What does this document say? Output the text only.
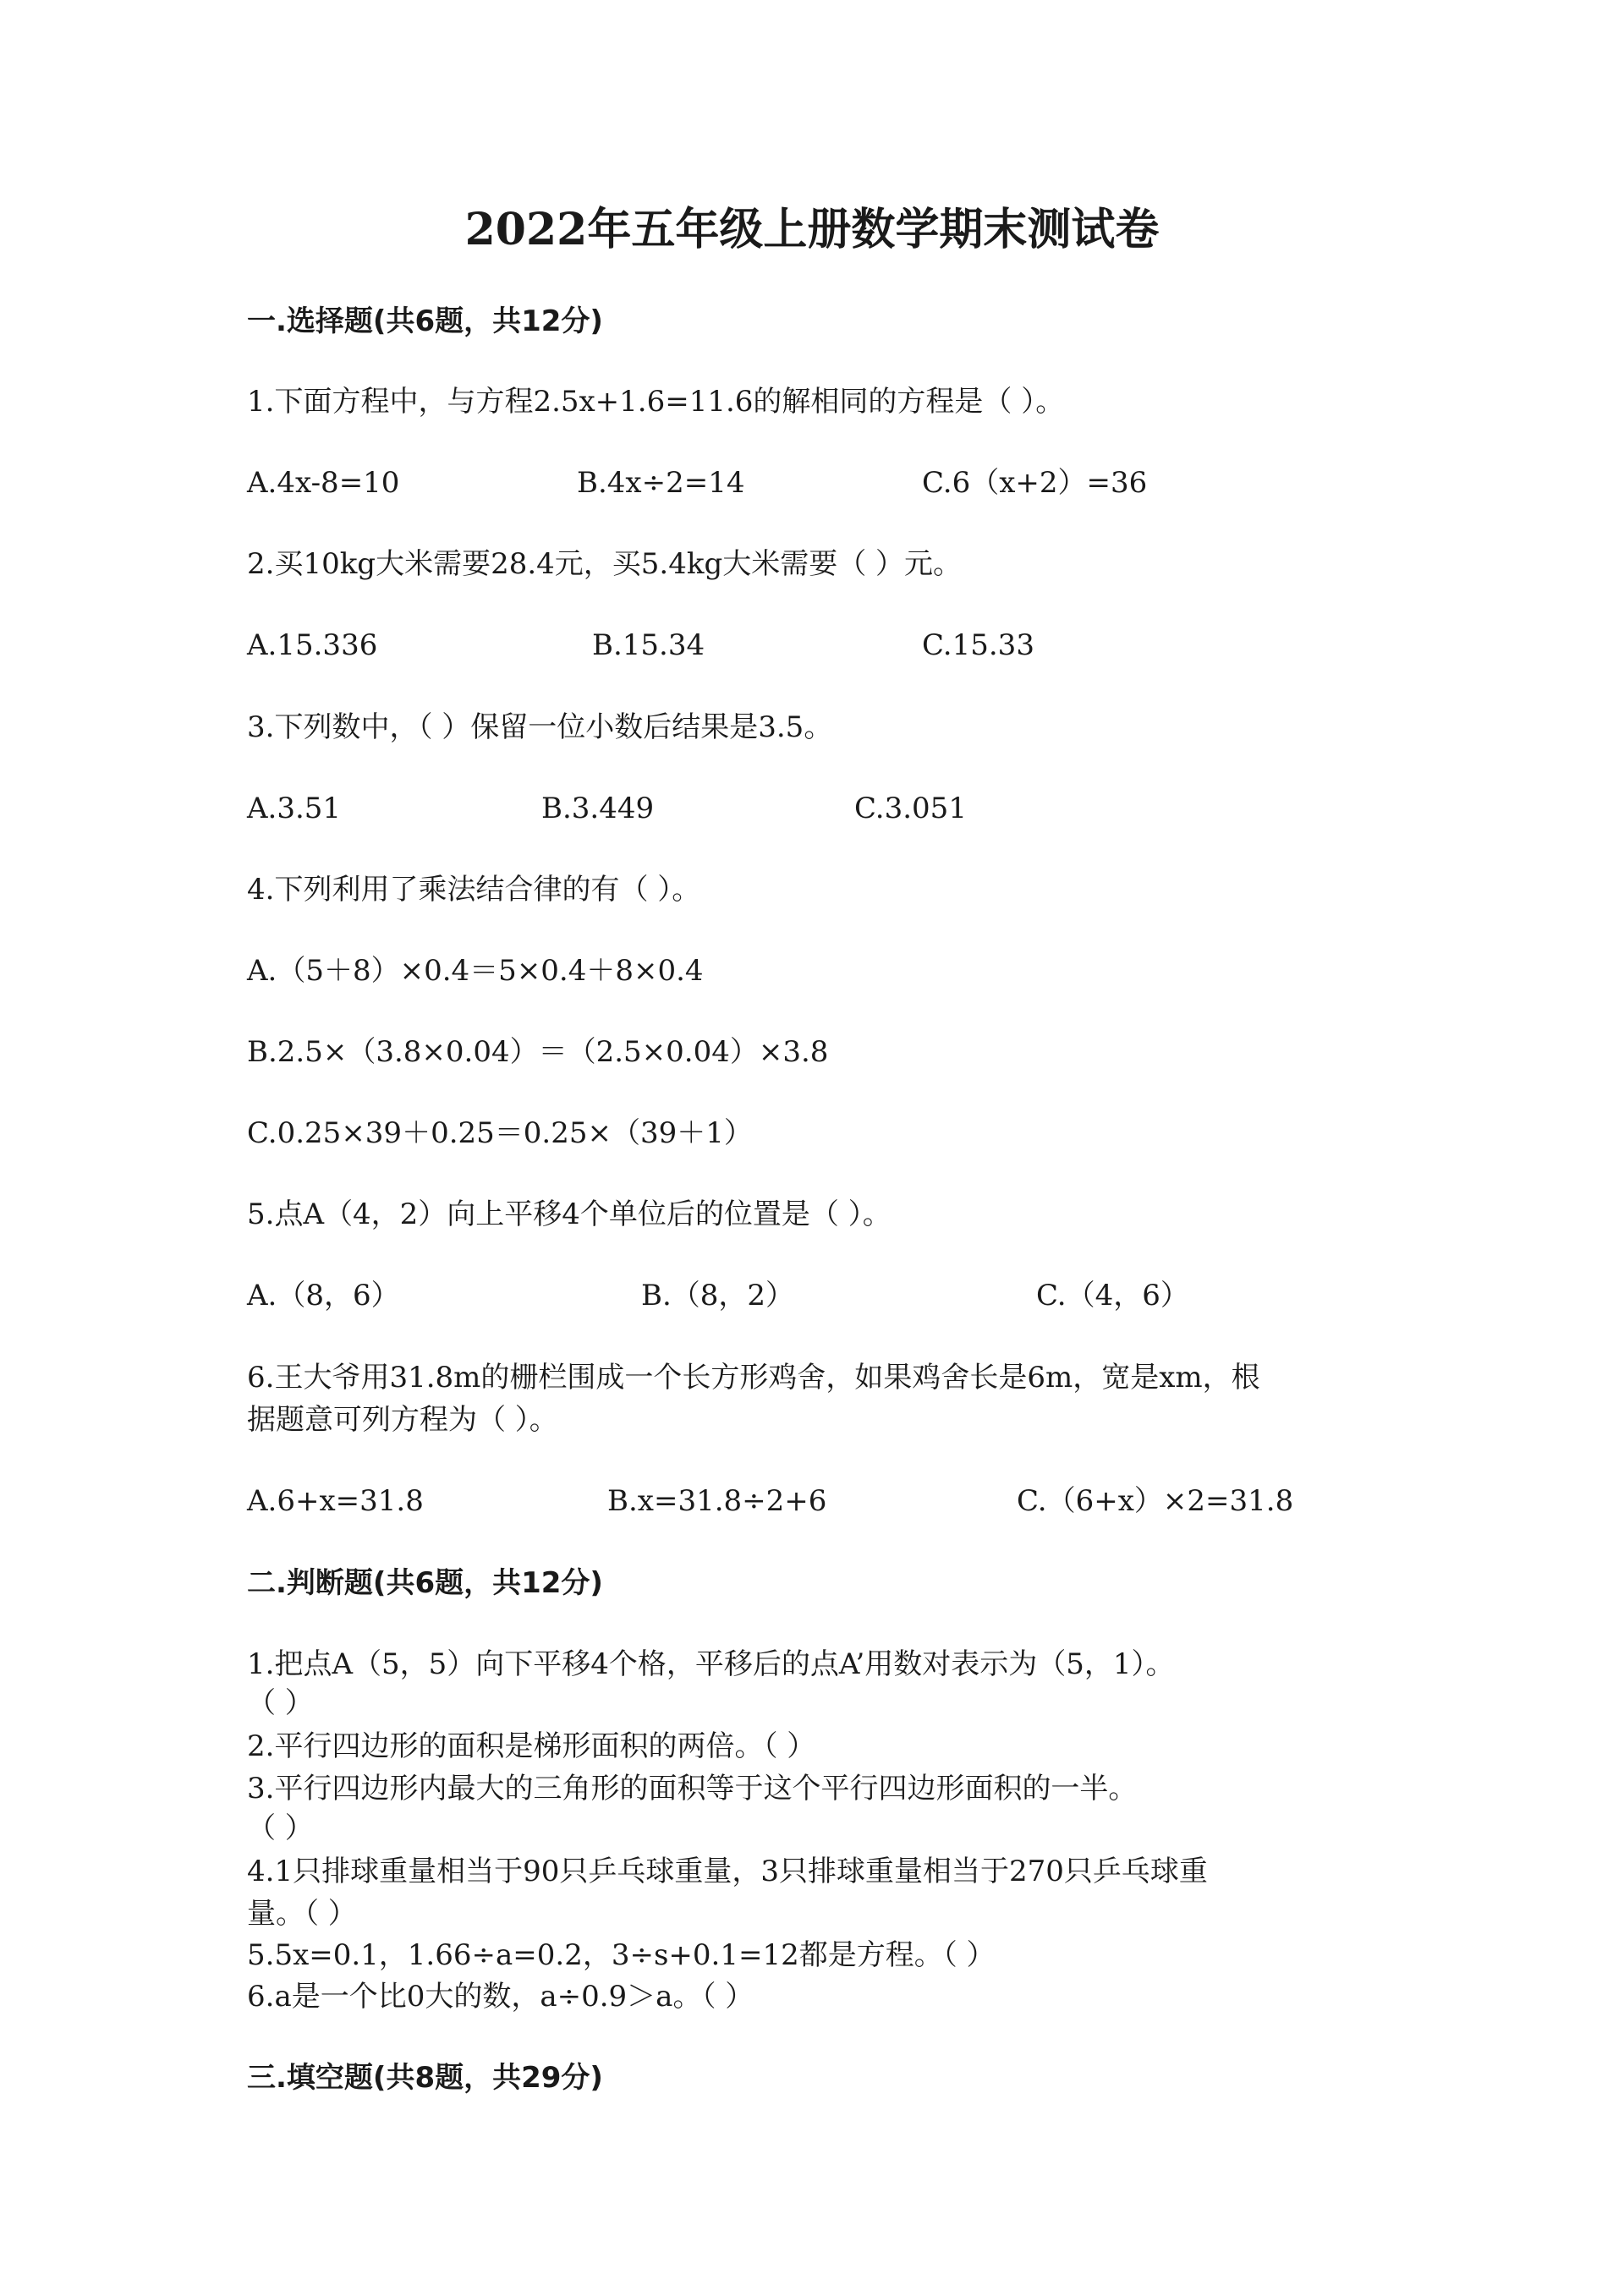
2022年五年级上册数学期末测试卷
一.选择题(共6题，共12分)
1.下面方程中，与方程2.5x+1.6=11.6的解相同的方程是（ ）。
A.4x-8=10	B.4x÷2=14	C.6（x+2）=36
2.买10kg大米需要28.4元，买5.4kg大米需要（ ）元。
A.15.336	B.15.34	C.15.33
3.下列数中，（ ）保留一位小数后结果是3.5。
A.3.51	B.3.449	C.3.051
4.下列利用了乘法结合律的有（ ）。
A.（5＋8）×0.4＝5×0.4＋8×0.4
B.2.5×（3.8×0.04）＝（2.5×0.04）×3.8
C.0.25×39＋0.25＝0.25×（39＋1）
5.点A（4，2）向上平移4个单位后的位置是（ ）。
A.（8，6）	B.（8，2）	C.（4，6）
6.王大爷用31.8m的栅栏围成一个长方形鸡舍，如果鸡舍长是6m，宽是xm，根
据题意可列方程为（ ）。
A.6+x=31.8	B.x=31.8÷2+6	C.（6+x）×2=31.8
二.判断题(共6题，共12分)
1.把点A（5，5）向下平移4个格，平移后的点A’用数对表示为（5，1）。
（ ）
2.平行四边形的面积是梯形面积的两倍。（ ）
3.平行四边形内最大的三角形的面积等于这个平行四边形面积的一半。
（ ）
4.1只排球重量相当于90只乒乓球重量，3只排球重量相当于270只乒乓球重
量。（ ）
5.5x=0.1，1.66÷a=0.2，3÷s+0.1=12都是方程。（ ）
6.a是一个比0大的数，a÷0.9＞a。（ ）
三.填空题(共8题，共29分)
